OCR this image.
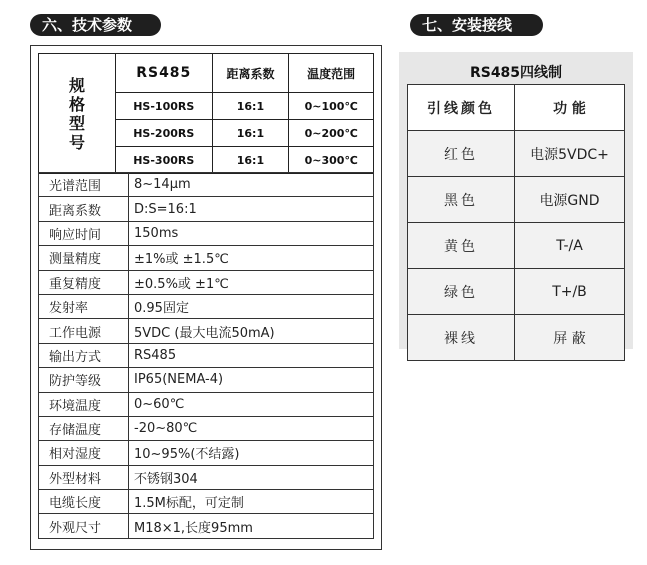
六、技术参数	七、安装接线
规
格
型
号	RS485	距离系数	温度范围
	HS-100RS	16:1	0~100℃
	HS-200RS	16:1	0~200℃
	HS-300RS	16:1	0~300℃
光谱范围	8~14μm
距离系数	D:S=16:1
响应时间	150ms
测量精度	±1%或 ±1.5℃
重复精度	±0.5%或 ±1℃
发射率	0.95固定
工作电源	5VDC (最大电流50mA)
输出方式	RS485
防护等级	IP65(NEMA-4)
环境温度	0~60℃
存储温度	-20~80℃
相对湿度	10~95%(不结露)
外型材料	不锈钢304
电缆长度	1.5M标配，可定制
外观尺寸	M18×1,长度95mm
RS485四线制
引线颜色	功 能
红色	电源5VDC+
黑色	电源GND
黄色	T-/A
绿色	T+/B
裸线	屏 蔽
